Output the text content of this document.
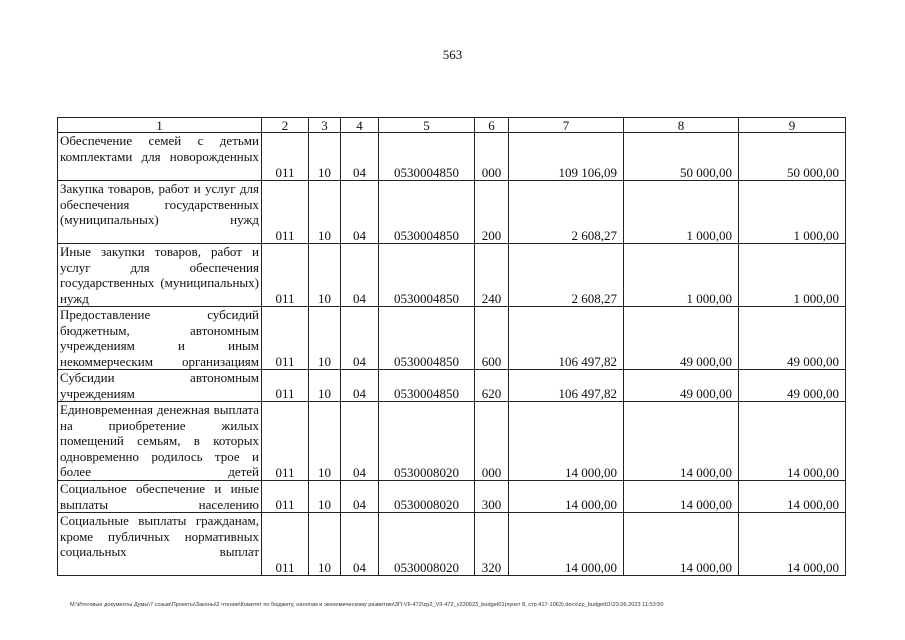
563
1	2	3	4	5	6	7	8	9

Обеспечение семей с детьми комплектами для новорожденных	011	10	04	0530004850	000	109 106,09	50 000,00	50 000,00

Закупка товаров, работ и услуг для обеспечения государственных (муниципальных) нужд	011	10	04	0530004850	200	2 608,27	1 000,00	1 000,00

Иные закупки товаров, работ и услуг для обеспечения государственных (муниципальных) нужд	011	10	04	0530004850	240	2 608,27	1 000,00	1 000,00

Предоставление субсидий бюджетным, автономным учреждениям и иным некоммерческим организациям	011	10	04	0530004850	600	106 497,82	49 000,00	49 000,00

Субсидии автономным учреждениям	011	10	04	0530004850	620	106 497,82	49 000,00	49 000,00

Единовременная денежная выплата на приобретение жилых помещений семьям, в которых одновременно родилось трое и более детей	011	10	04	0530008020	000	14 000,00	14 000,00	14 000,00

Социальное обеспечение и иные выплаты населению	011	10	04	0530008020	300	14 000,00	14 000,00	14 000,00

Социальные выплаты гражданам, кроме публичных нормативных социальных выплат	011	10	04	0530008020	320	14 000,00	14 000,00	14 000,00
M:\Итоговые документы Думы\7 созыв\Проекты\Законы\2 чтение\Комитет по бюджету, налогам и экономическому развитию\ЗП-VII-472\zp2_VII-472_v230623_budget01(пункт 8, стр.417-1063).docx\zp_budget01\23.06.2023 11:53:50
